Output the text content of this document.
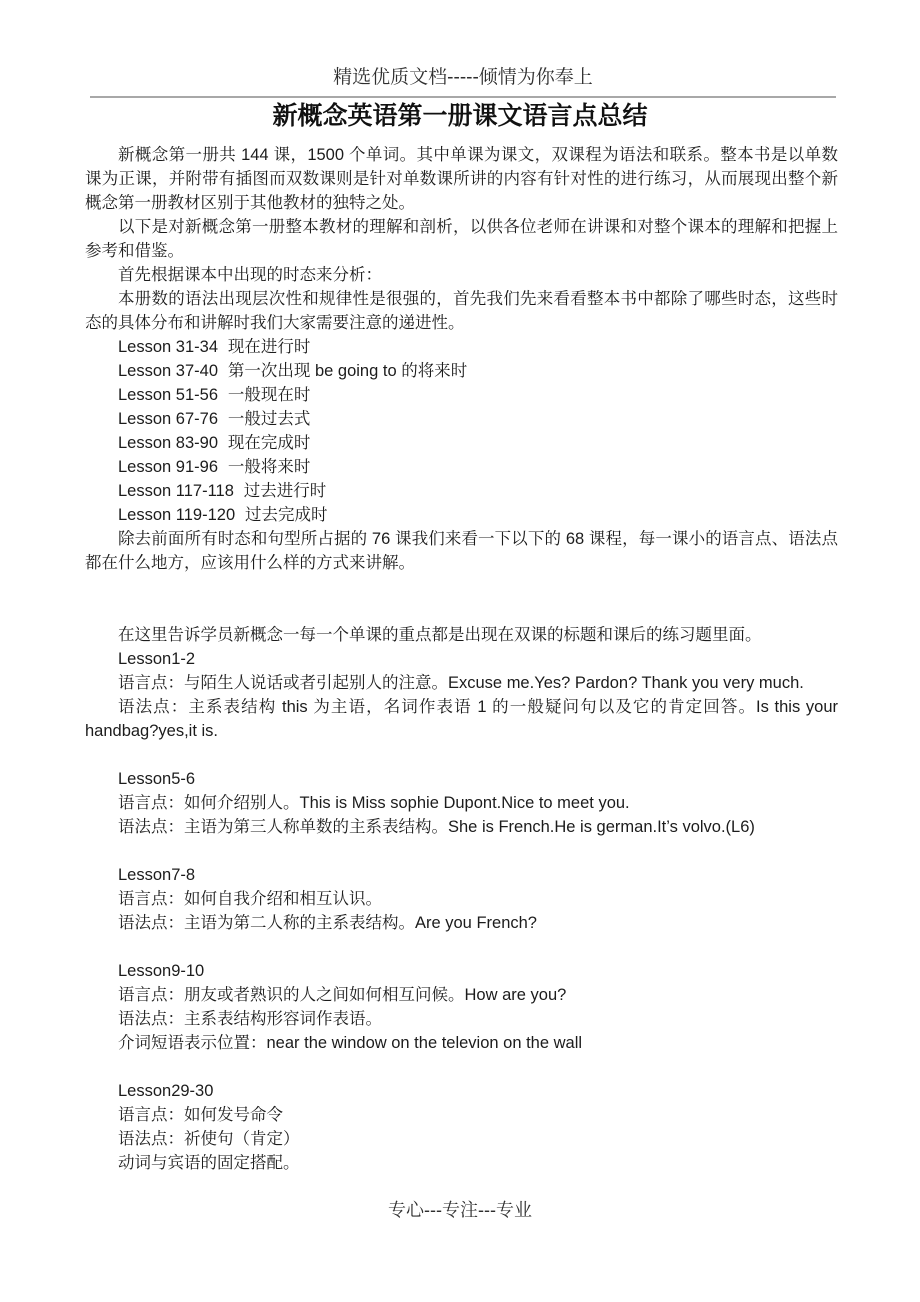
精选优质文档-----倾情为你奉上
新概念英语第一册课文语言点总结

新概念第一册共 144 课，1500 个单词。其中单课为课文，双课程为语法和联系。整本书是以单数课为正课，并附带有插图而双数课则是针对单数课所讲的内容有针对性的进行练习，从而展现出整个新概念第一册教材区别于其他教材的独特之处。

以下是对新概念第一册整本教材的理解和剖析，以供各位老师在讲课和对整个课本的理解和把握上参考和借鉴。

首先根据课本中出现的时态来分析：

本册数的语法出现层次性和规律性是很强的，首先我们先来看看整本书中都除了哪些时态，这些时态的具体分布和讲解时我们大家需要注意的递进性。

Lesson 31-34 现在进行时

Lesson 37-40 第一次出现 be going to 的将来时

Lesson 51-56 一般现在时

Lesson 67-76 一般过去式

Lesson 83-90 现在完成时

Lesson 91-96 一般将来时

Lesson 117-118 过去进行时

Lesson 119-120 过去完成时

除去前面所有时态和句型所占据的 76 课我们来看一下以下的 68 课程，每一课小的语言点、语法点都在什么地方，应该用什么样的方式来讲解。

在这里告诉学员新概念一每一个单课的重点都是出现在双课的标题和课后的练习题里面。

Lesson1-2

语言点：与陌生人说话或者引起别人的注意。Excuse me.Yes? Pardon? Thank you very much.

语法点：主系表结构 this 为主语，名词作表语 1 的一般疑问句以及它的肯定回答。Is this your handbag?yes,it is.

Lesson5-6

语言点：如何介绍别人。This is Miss sophie Dupont.Nice to meet you.

语法点：主语为第三人称单数的主系表结构。She is French.He is german.It’s volvo.(L6)

Lesson7-8

语言点：如何自我介绍和相互认识。

语法点：主语为第二人称的主系表结构。Are you French?

Lesson9-10

语言点：朋友或者熟识的人之间如何相互问候。How are you?

语法点：主系表结构形容词作表语。

介词短语表示位置：near the window on the televion on the wall

Lesson29-30

语言点：如何发号命令

语法点：祈使句（肯定）

动词与宾语的固定搭配。

专心---专注---专业
